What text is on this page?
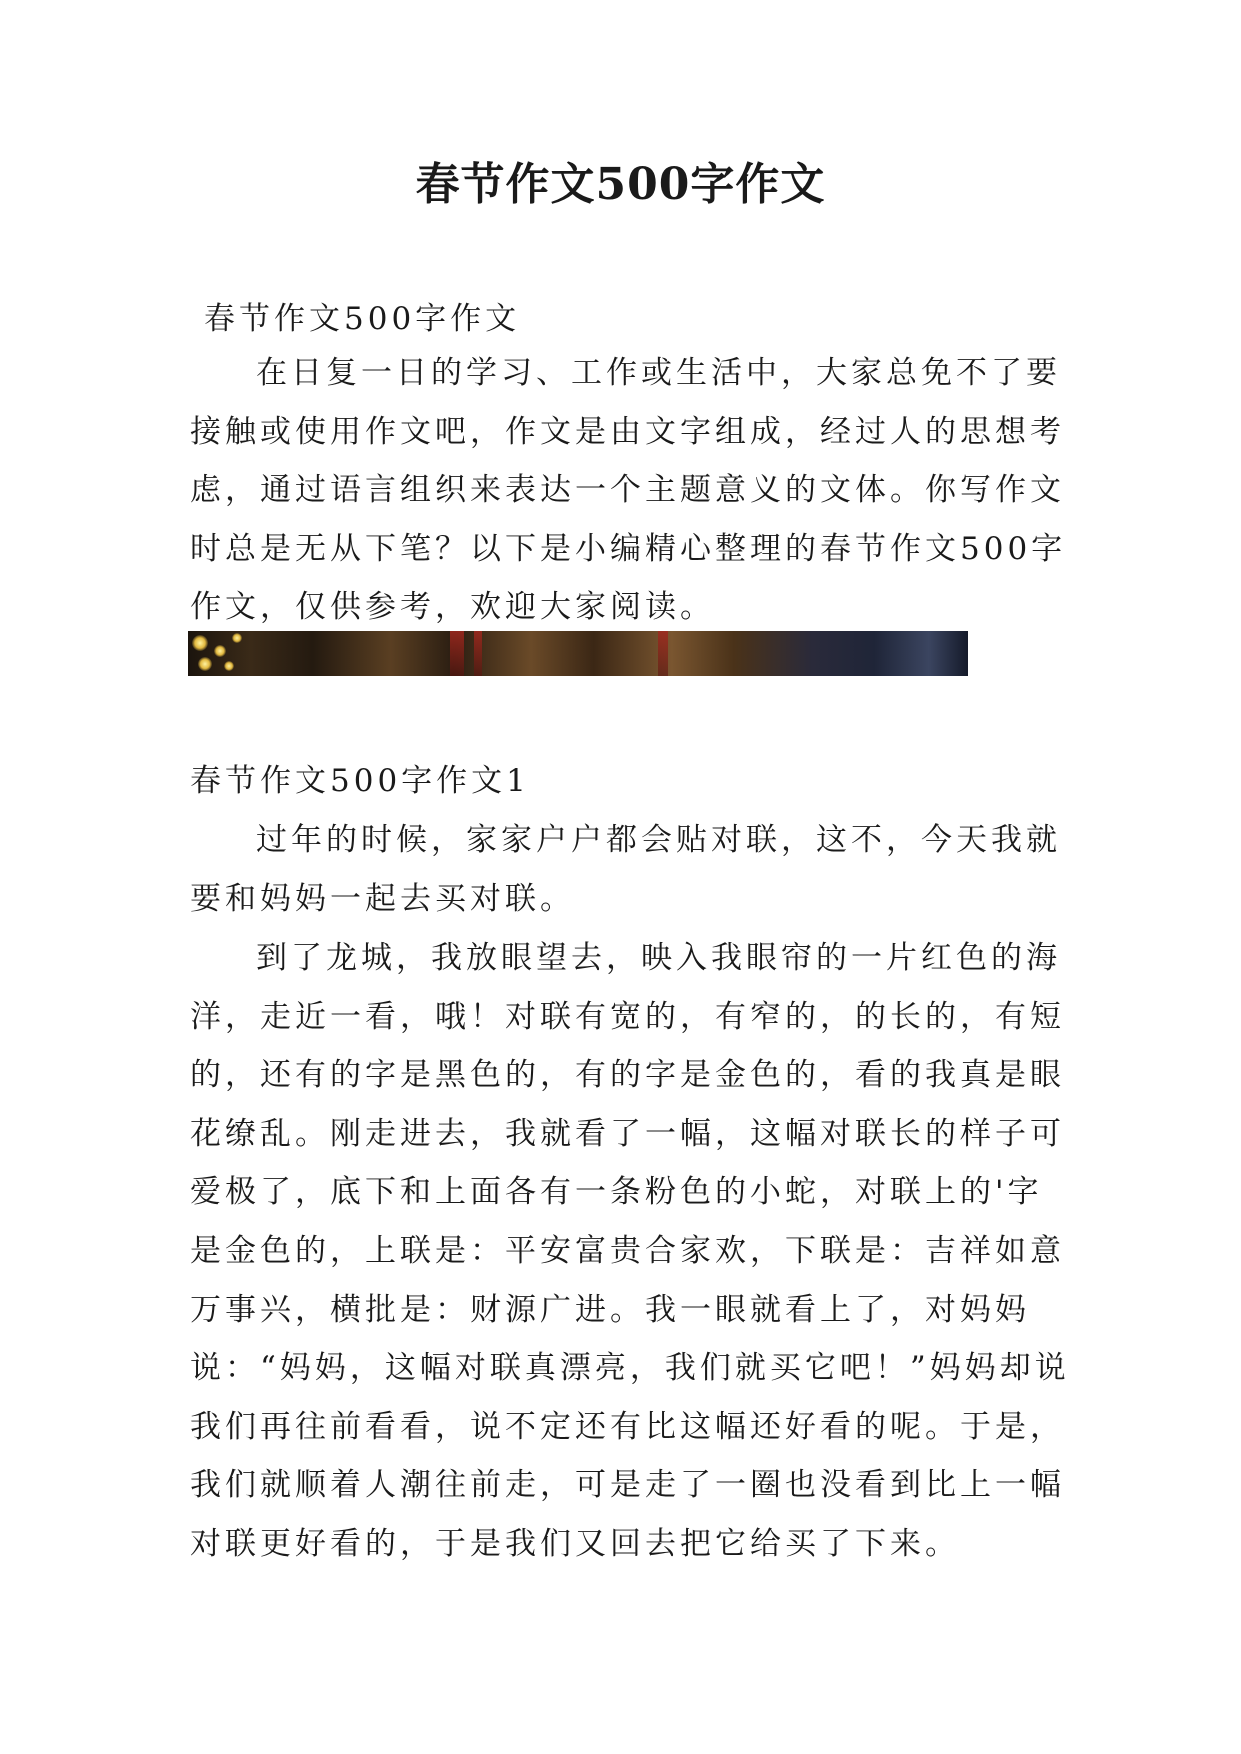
春节作文500字作文

春节作文500字作文

在日复一日的学习、工作或生活中，大家总免不了要接触或使用作文吧，作文是由文字组成，经过人的思想考虑，通过语言组织来表达一个主题意义的文体。你写作文时总是无从下笔？以下是小编精心整理的春节作文500字作文，仅供参考，欢迎大家阅读。

春节作文500字作文1

过年的时候，家家户户都会贴对联，这不，今天我就要和妈妈一起去买对联。

到了龙城，我放眼望去，映入我眼帘的一片红色的海洋，走近一看，哦！对联有宽的，有窄的，的长的，有短的，还有的字是黑色的，有的字是金色的，看的我真是眼花缭乱。刚走进去，我就看了一幅，这幅对联长的样子可爱极了，底下和上面各有一条粉色的小蛇，对联上的'字是金色的，上联是：平安富贵合家欢，下联是：吉祥如意万事兴，横批是：财源广进。我一眼就看上了，对妈妈说：“妈妈，这幅对联真漂亮，我们就买它吧！”妈妈却说我们再往前看看，说不定还有比这幅还好看的呢。于是，我们就顺着人潮往前走，可是走了一圈也没看到比上一幅对联更好看的，于是我们又回去把它给买了下来。
